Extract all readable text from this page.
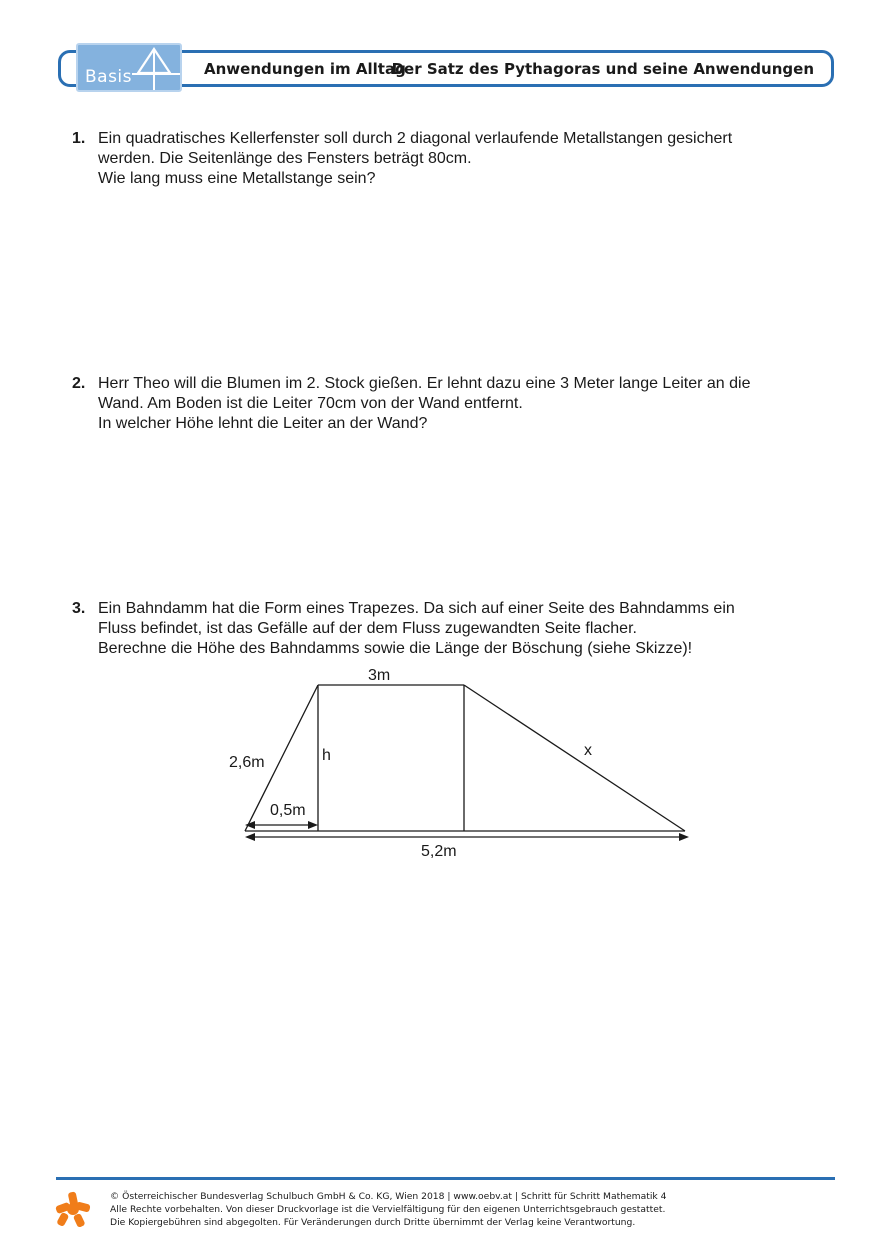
Basis	Anwendungen im Alltag
Der Satz des Pythagoras und seine Anwendungen
1. Ein quadratisches Kellerfenster soll durch 2 diagonal verlaufende Metallstangen gesichert
werden. Die Seitenlänge des Fensters beträgt 80cm.
Wie lang muss eine Metallstange sein?
2. Herr Theo will die Blumen im 2. Stock gießen. Er lehnt dazu eine 3 Meter lange Leiter an die
Wand. Am Boden ist die Leiter 70cm von der Wand entfernt.
In welcher Höhe lehnt die Leiter an der Wand?
3. Ein Bahndamm hat die Form eines Trapezes. Da sich auf einer Seite des Bahndamms ein
Fluss befindet, ist das Gefälle auf der dem Fluss zugewandten Seite flacher.
Berechne die Höhe des Bahndamms sowie die Länge der Böschung (siehe Skizze)!
3m
2,6m	h	x
0,5m
5,2m
© Österreichischer Bundesverlag Schulbuch GmbH & Co. KG, Wien 2018 | www.oebv.at | Schritt für Schritt Mathematik 4
Alle Rechte vorbehalten. Von dieser Druckvorlage ist die Vervielfältigung für den eigenen Unterrichtsgebrauch gestattet.
Die Kopiergebühren sind abgegolten. Für Veränderungen durch Dritte übernimmt der Verlag keine Verantwortung.
